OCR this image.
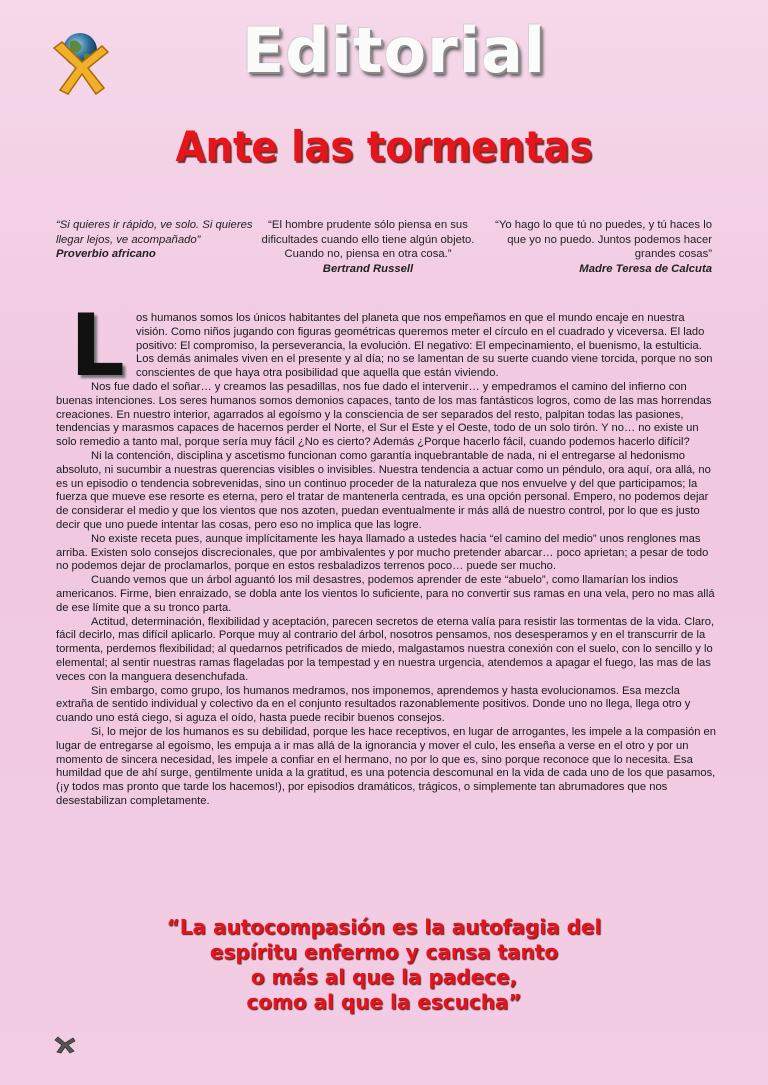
Editorial
Ante las tormentas
“Si quieres ir rápido, ve solo. Si quieres llegar lejos, ve acompañado”
Proverbio africano
“El hombre prudente sólo piensa en sus dificultades cuando ello tiene algún objeto. Cuando no, piensa en otra cosa.”
Bertrand Russell
“Yo hago lo que tú no puedes, y tú haces lo que yo no puedo. Juntos podemos hacer grandes cosas”
Madre Teresa de Calcuta
L os humanos somos los únicos habitantes del planeta que nos empeñamos en que el mundo encaje en nuestra visión. Como niños jugando con figuras geométricas queremos meter el círculo en el cuadrado y viceversa. El lado positivo: El compromiso, la perseverancia, la evolución. El negativo: El empecinamiento, el buenismo, la estulticia. Los demás animales viven en el presente y al día; no se lamentan de su suerte cuando viene torcida, porque no son conscientes de que haya otra posibilidad que aquella que están viviendo.

Nos fue dado el soñar… y creamos las pesadillas, nos fue dado el intervenir… y empedramos el camino del infierno con buenas intenciones. Los seres humanos somos demonios capaces, tanto de los mas fantásticos logros, como de las mas horrendas creaciones. En nuestro interior, agarrados al egoísmo y la consciencia de ser separados del resto, palpitan todas las pasiones, tendencias y marasmos capaces de hacernos perder el Norte, el Sur el Este y el Oeste, todo de un solo tirón. Y no… no existe un solo remedio a tanto mal, porque sería muy fácil ¿No es cierto? Además ¿Porque hacerlo fácil, cuando podemos hacerlo difícil?

Ni la contención, disciplina y ascetismo funcionan como garantía inquebrantable de nada, ni el entregarse al hedonismo absoluto, ni sucumbir a nuestras querencias visibles o invisibles. Nuestra tendencia a actuar como un péndulo, ora aquí, ora allá, no es un episodio o tendencia sobrevenidas, sino un continuo proceder de la naturaleza que nos envuelve y del que participamos; la fuerza que mueve ese resorte es eterna, pero el tratar de mantenerla centrada, es una opción personal. Empero, no podemos dejar de considerar el medio y que los vientos que nos azoten, puedan eventualmente ir más allá de nuestro control, por lo que es justo decir que uno puede intentar las cosas, pero eso no implica que las logre.

No existe receta pues, aunque implícitamente les haya llamado a ustedes hacia “el camino del medio” unos renglones mas arriba. Existen solo consejos discrecionales, que por ambivalentes y por mucho pretender abarcar… poco aprietan; a pesar de todo no podemos dejar de proclamarlos, porque en estos resbaladizos terrenos poco… puede ser mucho.

Cuando vemos que un árbol aguantó los mil desastres, podemos aprender de este “abuelo”, como llamarían los indios americanos. Firme, bien enraizado, se dobla ante los vientos lo suficiente, para no convertir sus ramas en una vela, pero no mas allá de ese límite que a su tronco parta.

Actitud, determinación, flexibilidad y aceptación, parecen secretos de eterna valía para resistir las tormentas de la vida. Claro, fácil decirlo, mas difícil aplicarlo. Porque muy al contrario del árbol, nosotros pensamos, nos desesperamos y en el transcurrir de la tormenta, perdemos flexibilidad; al quedarnos petrificados de miedo, malgastamos nuestra conexión con el suelo, con lo sencillo y lo elemental; al sentir nuestras ramas flageladas por la tempestad y en nuestra urgencia, atendemos a apagar el fuego, las mas de las veces con la manguera desenchufada.

Sin embargo, como grupo, los humanos medramos, nos imponemos, aprendemos y hasta evolucionamos. Esa mezcla extraña de sentido individual y colectivo da en el conjunto resultados razonablemente positivos. Donde uno no llega, llega otro y cuando uno está ciego, si aguza el oído, hasta puede recibir buenos consejos.

Si, lo mejor de los humanos es su debilidad, porque les hace receptivos, en lugar de arrogantes, les impele a la compasión en lugar de entregarse al egoísmo, les empuja a ir mas allá de la ignorancia y mover el culo, les enseña a verse en el otro y por un momento de sincera necesidad, les impele a confiar en el hermano, no por lo que es, sino porque reconoce que lo necesita. Esa humildad que de ahí surge, gentilmente unida a la gratitud, es una potencia descomunal en la vida de cada uno de los que pasamos, (¡y todos mas pronto que tarde los hacemos!), por episodios dramáticos, trágicos, o simplemente tan abrumadores que nos desestabilizan completamente.

“La autocompasión es la autofagia del
espíritu enfermo y cansa tanto
o más al que la padece,
como al que la escucha”
